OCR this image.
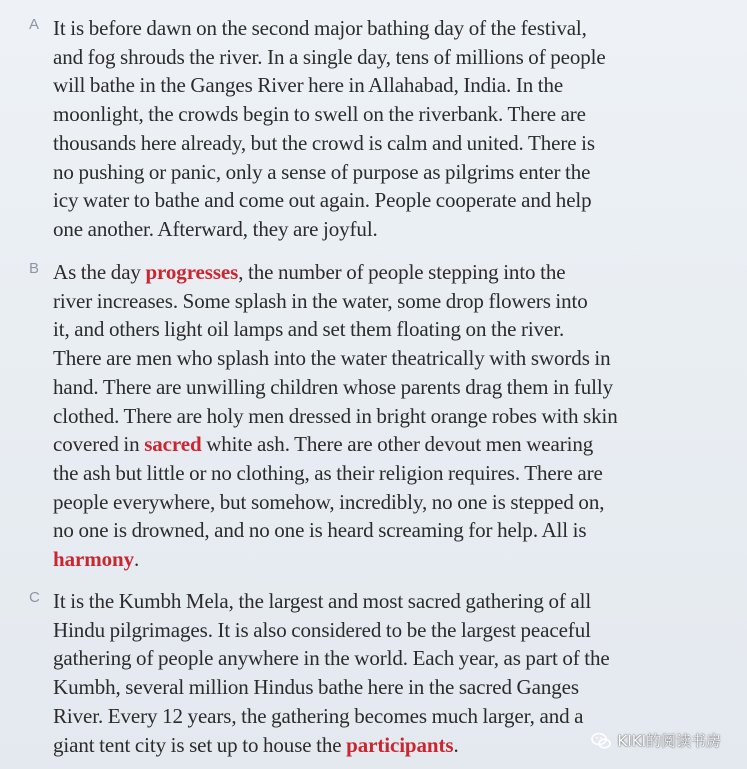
A It is before dawn on the second major bathing day of the festival,
and fog shrouds the river. In a single day, tens of millions of people
will bathe in the Ganges River here in Allahabad, India. In the
moonlight, the crowds begin to swell on the riverbank. There are
thousands here already, but the crowd is calm and united. There is
no pushing or panic, only a sense of purpose as pilgrims enter the
icy water to bathe and come out again. People cooperate and help
one another. Afterward, they are joyful.

B As the day progresses, the number of people stepping into the
river increases. Some splash in the water, some drop flowers into
it, and others light oil lamps and set them floating on the river.
There are men who splash into the water theatrically with swords in
hand. There are unwilling children whose parents drag them in fully
clothed. There are holy men dressed in bright orange robes with skin
covered in sacred white ash. There are other devout men wearing
the ash but little or no clothing, as their religion requires. There are
people everywhere, but somehow, incredibly, no one is stepped on,
no one is drowned, and no one is heard screaming for help. All is
harmony.

C It is the Kumbh Mela, the largest and most sacred gathering of all
Hindu pilgrimages. It is also considered to be the largest peaceful
gathering of people anywhere in the world. Each year, as part of the
Kumbh, several million Hindus bathe here in the sacred Ganges
River. Every 12 years, the gathering becomes much larger, and a
giant tent city is set up to house the participants.	KIKI的阅读书房
